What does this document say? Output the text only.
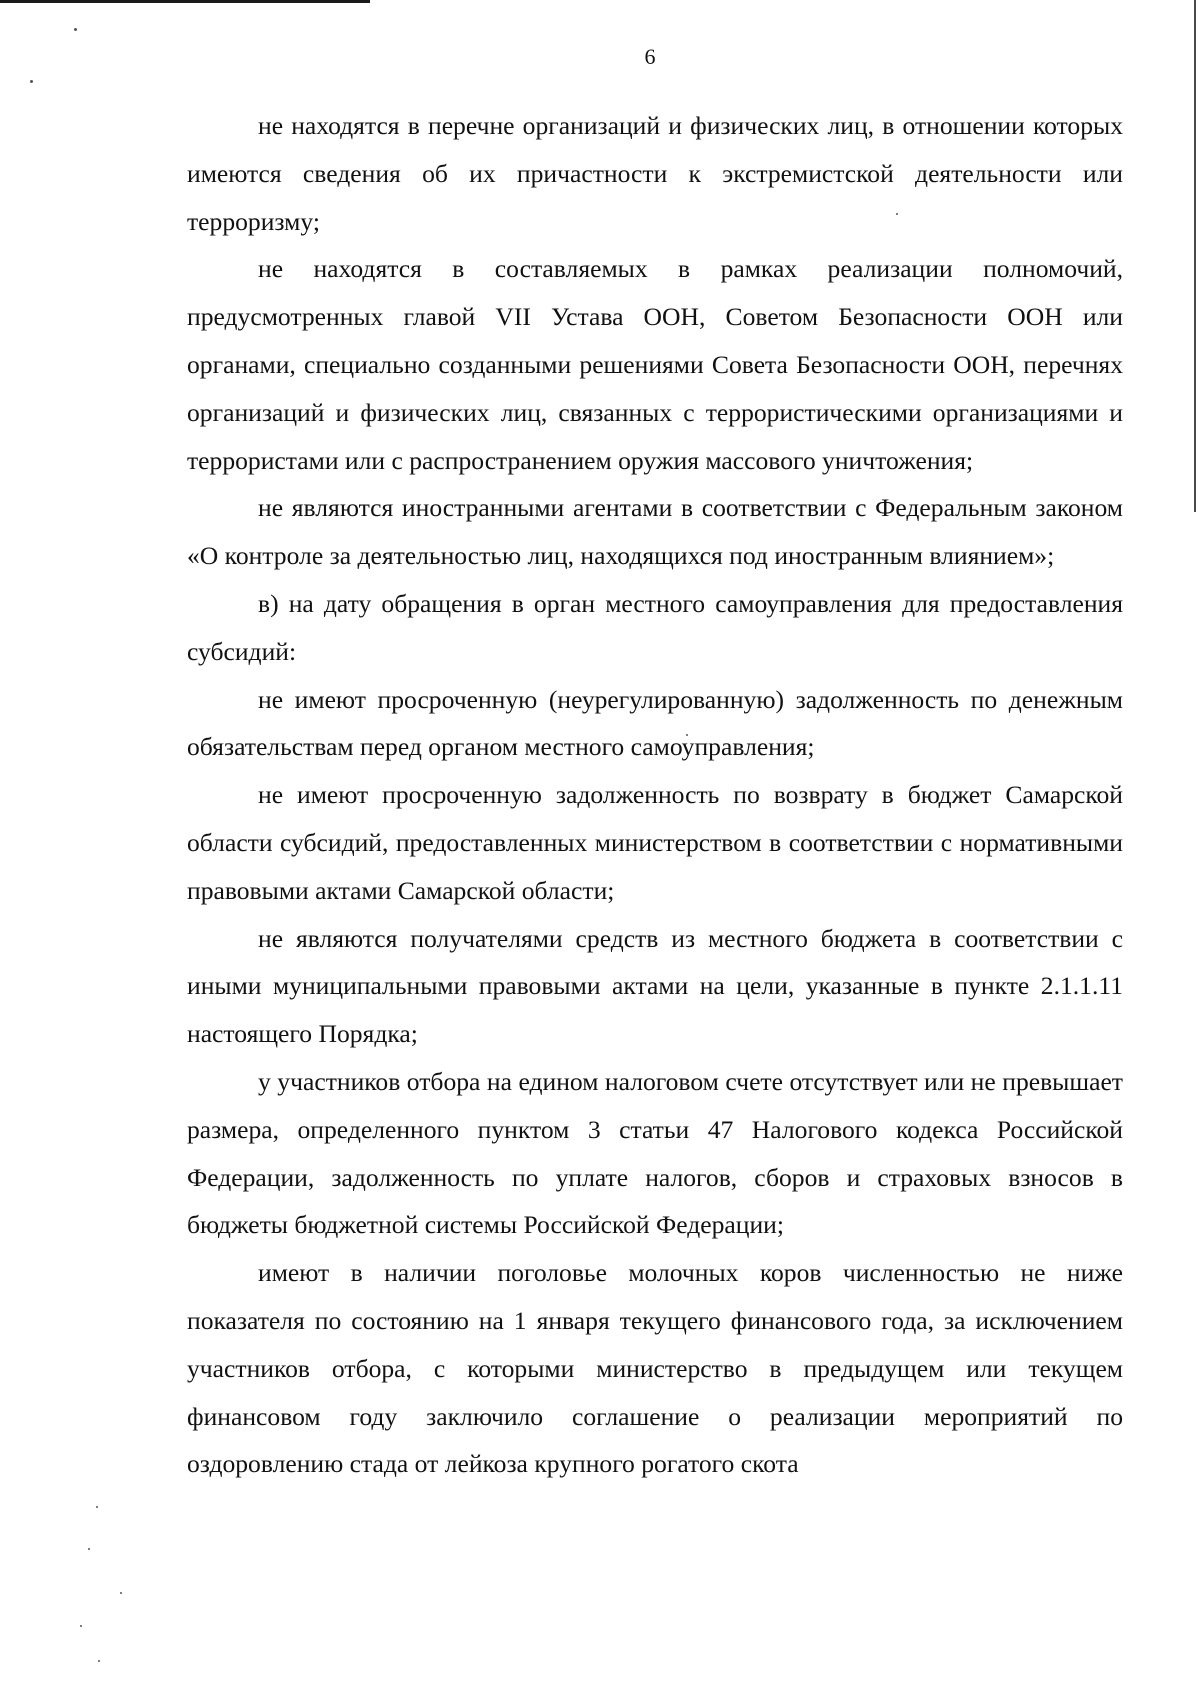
6

не находятся в перечне организаций и физических лиц, в отношении которых имеются сведения об их причастности к экстремистской деятельности или терроризму;

не находятся в составляемых в рамках реализации полномочий, предусмотренных главой VII Устава ООН, Советом Безопасности ООН или органами, специально созданными решениями Совета Безопасности ООН, перечнях организаций и физических лиц, связанных с террористическими организациями и террористами или с распространением оружия массового уничтожения;

не являются иностранными агентами в соответствии с Федеральным законом «О контроле за деятельностью лиц, находящихся под иностранным влиянием»;

в) на дату обращения в орган местного самоуправления для предоставления субсидий:

не имеют просроченную (неурегулированную) задолженность по денежным обязательствам перед органом местного самоуправления;

не имеют просроченную задолженность по возврату в бюджет Самарской области субсидий, предоставленных министерством в соответствии с нормативными правовыми актами Самарской области;

не являются получателями средств из местного бюджета в соответствии с иными муниципальными правовыми актами на цели, указанные в пункте 2.1.1.11 настоящего Порядка;

у участников отбора на едином налоговом счете отсутствует или не превышает размера, определенного пунктом 3 статьи 47 Налогового кодекса Российской Федерации, задолженность по уплате налогов, сборов и страховых взносов в бюджеты бюджетной системы Российской Федерации;

имеют в наличии поголовье молочных коров численностью не ниже показателя по состоянию на 1 января текущего финансового года, за исключением участников отбора, с которыми министерство в предыдущем или текущем финансовом году заключило соглашение о реализации мероприятий по оздоровлению стада от лейкоза крупного рогатого скота
